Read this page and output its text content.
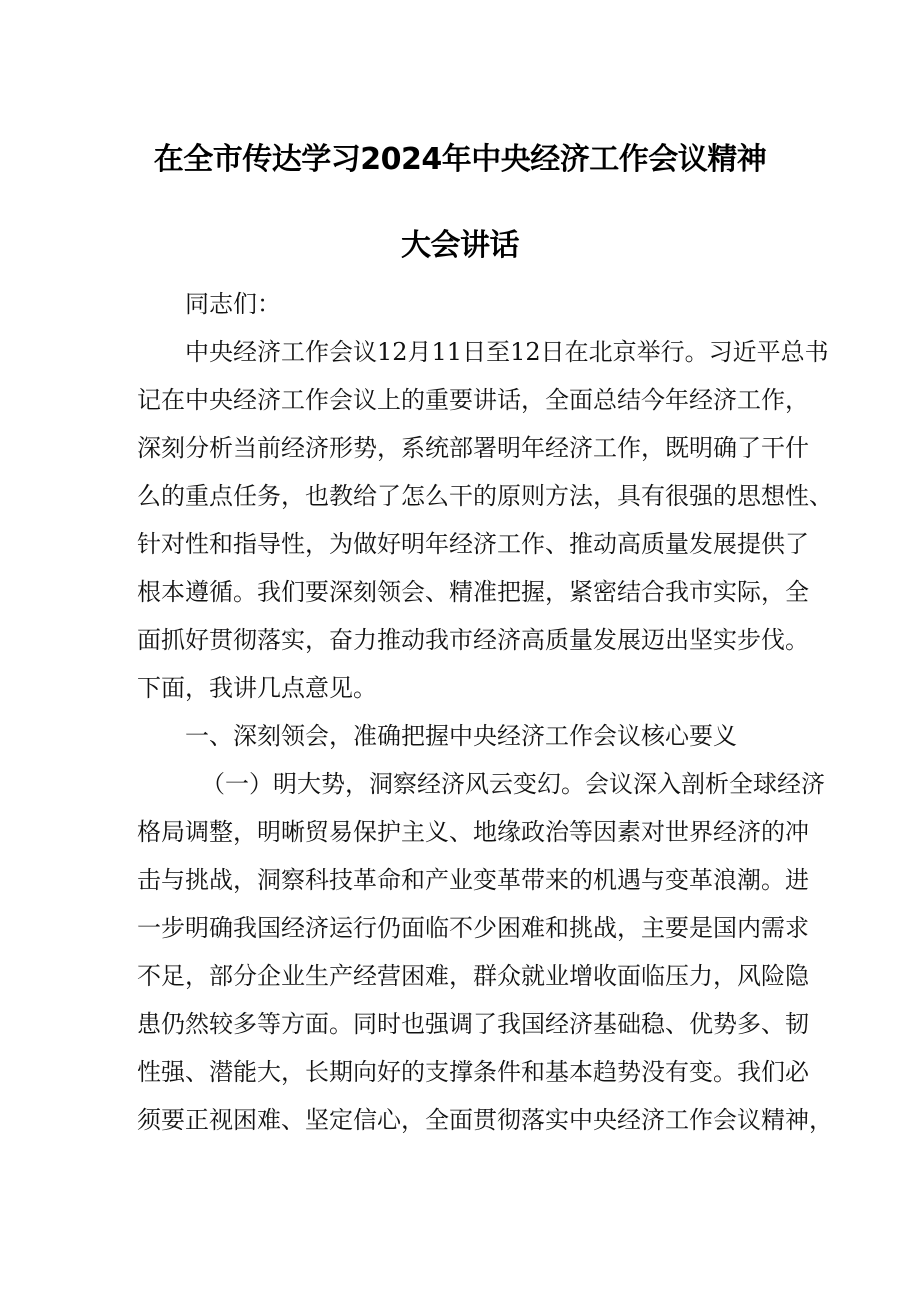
在全市传达学习2024年中央经济工作会议精神
大会讲话
同志们：
中央经济工作会议12月11日至12日在北京举行。习近平总书
记在中央经济工作会议上的重要讲话，全面总结今年经济工作，
深刻分析当前经济形势，系统部署明年经济工作，既明确了干什
么的重点任务，也教给了怎么干的原则方法，具有很强的思想性、
针对性和指导性，为做好明年经济工作、推动高质量发展提供了
根本遵循。我们要深刻领会、精准把握，紧密结合我市实际，全
面抓好贯彻落实，奋力推动我市经济高质量发展迈出坚实步伐。
下面，我讲几点意见。
一、深刻领会，准确把握中央经济工作会议核心要义
（一）明大势，洞察经济风云变幻。会议深入剖析全球经济
格局调整，明晰贸易保护主义、地缘政治等因素对世界经济的冲
击与挑战，洞察科技革命和产业变革带来的机遇与变革浪潮。进
一步明确我国经济运行仍面临不少困难和挑战，主要是国内需求
不足，部分企业生产经营困难，群众就业增收面临压力，风险隐
患仍然较多等方面。同时也强调了我国经济基础稳、优势多、韧
性强、潜能大，长期向好的支撑条件和基本趋势没有变。我们必
须要正视困难、坚定信心，全面贯彻落实中央经济工作会议精神，
